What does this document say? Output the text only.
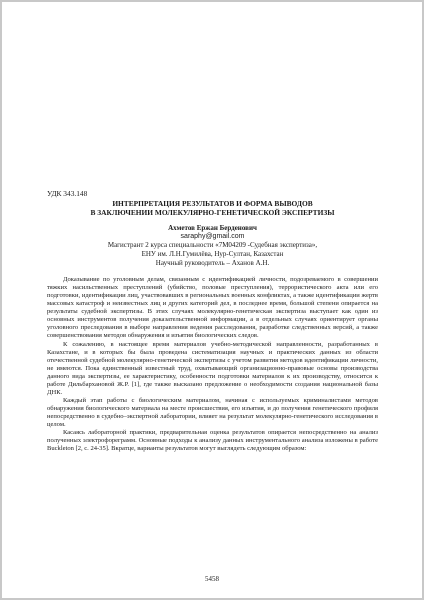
УДК 343.148

ИНТЕРПРЕТАЦИЯ РЕЗУЛЬТАТОВ И ФОРМА ВЫВОДОВ

В ЗАКЛЮЧЕНИИ МОЛЕКУЛЯРНО-ГЕНЕТИЧЕСКОЙ ЭКСПЕРТИЗЫ

Ахметов Ержан Берденович
saraphy@gmail.com
Магистрант 2 курса специальности «7М04209 -Судебная экспертиза»,
ЕНУ им. Л.Н.Гумилёва, Нур-Султан, Казахстан
Научный руководитель – Аханов А.Н.

Доказывание по уголовным делам, связанным с идентификацией личности, подозреваемого в совершении тяжких насильственных преступлений (убийство, половые преступления), террористического акта или его подготовки, идентификации лиц, участвовавших в региональных военных конфликтах, а также идентификации жертв массовых катастроф и неизвестных лиц и других категорий дел, в последнее время, большой степени опирается на результаты судебной экспертизы. В этих случаях молекулярно-генетическая экспертиза выступает как один из основных инструментов получения доказательственной информации, а в отдельных случаях ориентирует органы уголовного преследования в выборе направления ведения расследования, разработке следственных версий, а также совершенствования методов обнаружения и изъятия биологических следов.

К сожалению, в настоящее время материалов учебно-методической направленности, разработанных в Казахстане, и в которых бы была проведена систематизация научных и практических данных из области отечественной судебной молекулярно-генетической экспертизы с учетом развития методов идентификации личности, не имеются. Пока единственный известный труд, охватывающий организационно-правовые основы производства данного вида экспертизы, ее характеристику, особенности подготовки материалов к их производству, относится к работе Дильбархановой Ж.Р. [1], где также высказано предложение о необходимости создания национальной базы ДНК.

Каждый этап работы с биологическим материалом, начиная с используемых криминалистами методов обнаружения биологического материала на месте происшествия, его изъятия, и до получения генетического профиля непосредственно в судебно–экспертной лаборатории, влияет на результат молекулярно-генетического исследования в целом.

Касаясь лабораторной практики, предварительная оценка результатов опирается непосредственно на анализ полученных электрофореграмм. Основные подходы к анализу данных инструментального анализа изложены в работе Buckleton [2, с. 24-35]. Вкратце, варианты результатов могут выглядеть следующим образом:

5458
